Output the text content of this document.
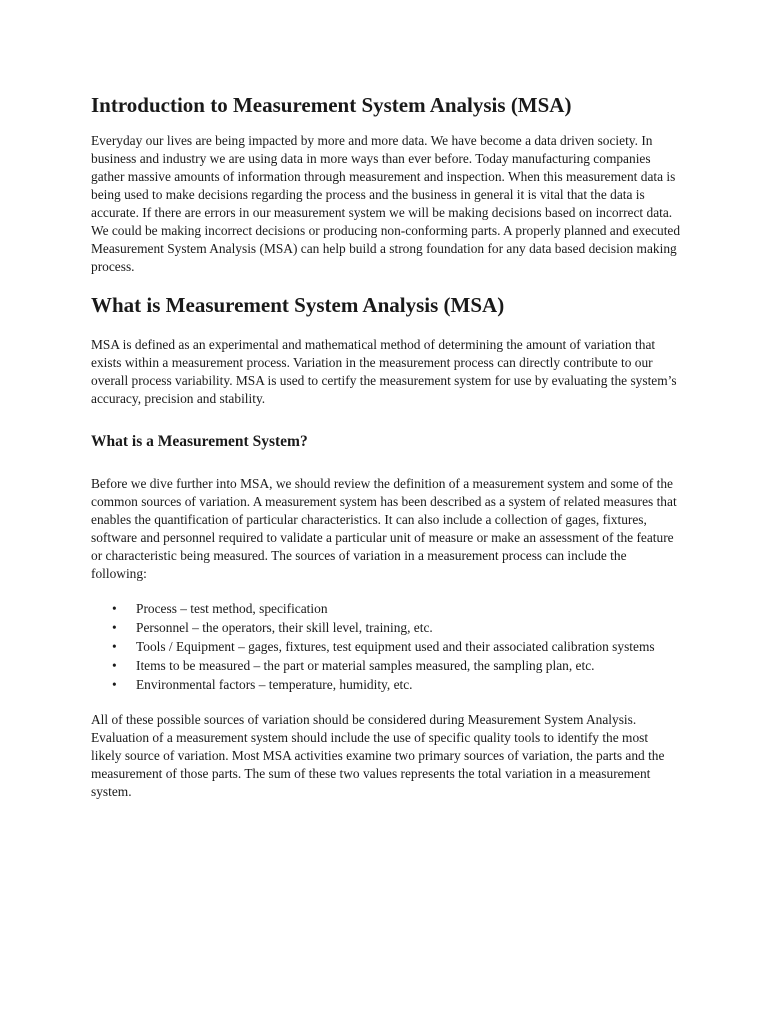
Introduction to Measurement System Analysis (MSA)

Everyday our lives are being impacted by more and more data. We have become a data driven society. In business and industry we are using data in more ways than ever before. Today manufacturing companies gather massive amounts of information through measurement and inspection. When this measurement data is being used to make decisions regarding the process and the business in general it is vital that the data is accurate. If there are errors in our measurement system we will be making decisions based on incorrect data. We could be making incorrect decisions or producing non-conforming parts. A properly planned and executed Measurement System Analysis (MSA) can help build a strong foundation for any data based decision making process.

What is Measurement System Analysis (MSA)

MSA is defined as an experimental and mathematical method of determining the amount of variation that exists within a measurement process. Variation in the measurement process can directly contribute to our overall process variability. MSA is used to certify the measurement system for use by evaluating the system’s accuracy, precision and stability.

What is a Measurement System?

Before we dive further into MSA, we should review the definition of a measurement system and some of the common sources of variation. A measurement system has been described as a system of related measures that enables the quantification of particular characteristics. It can also include a collection of gages, fixtures, software and personnel required to validate a particular unit of measure or make an assessment of the feature or characteristic being measured. The sources of variation in a measurement process can include the following:

• Process – test method, specification
• Personnel – the operators, their skill level, training, etc.
• Tools / Equipment – gages, fixtures, test equipment used and their associated calibration systems
• Items to be measured – the part or material samples measured, the sampling plan, etc.
• Environmental factors – temperature, humidity, etc.

All of these possible sources of variation should be considered during Measurement System Analysis. Evaluation of a measurement system should include the use of specific quality tools to identify the most likely source of variation. Most MSA activities examine two primary sources of variation, the parts and the measurement of those parts. The sum of these two values represents the total variation in a measurement system.
